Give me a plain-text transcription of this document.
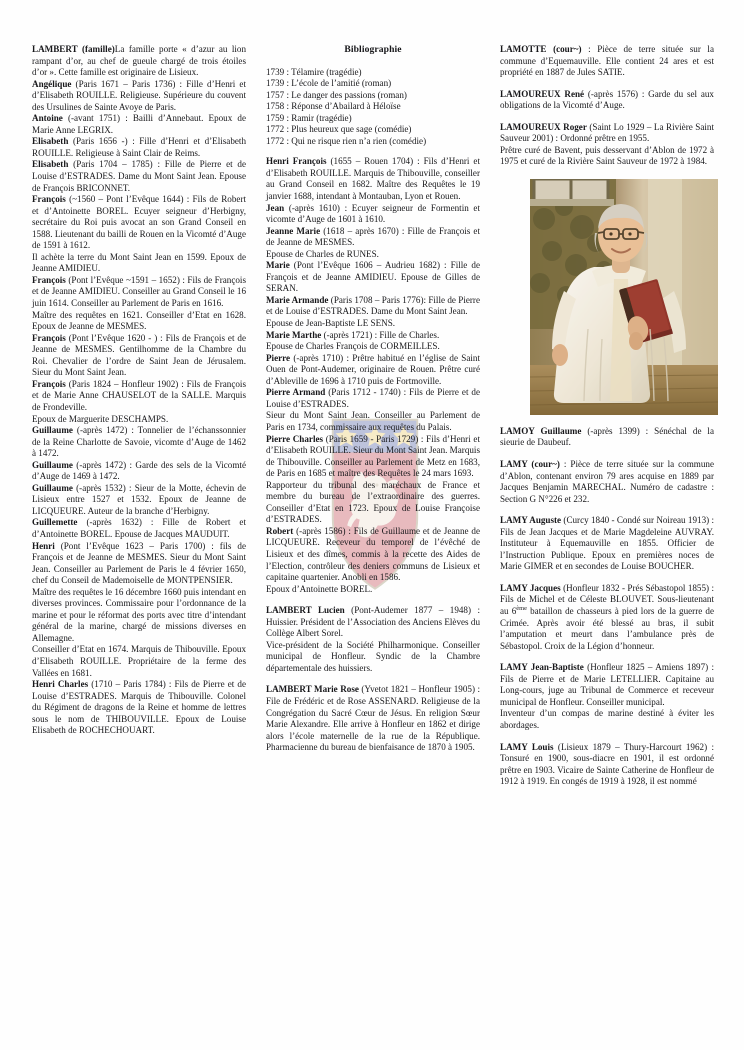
LAMBERT (famille)La famille porte « d’azur au lion rampant d’or, au chef de gueule chargé de trois étoiles d’or ». Cette famille est originaire de Lisieux.

Angélique (Paris 1671 – Paris 1736) : Fille d’Henri et d’Elisabeth ROUILLE. Religieuse. Supérieure du couvent des Ursulines de Sainte Avoye de Paris.

Antoine (-avant 1751) : Bailli d’Annebaut. Epoux de Marie Anne LEGRIX.

Elisabeth (Paris 1656 -) : Fille d’Henri et d’Elisabeth ROUILLE. Religieuse à Saint Clair de Reims.

Elisabeth (Paris 1704 – 1785) : Fille de Pierre et de Louise d’ESTRADES. Dame du Mont Saint Jean. Epouse de François BRICONNET.

François (~1560 – Pont l’Evêque 1644) : Fils de Robert et d’Antoinette BOREL. Ecuyer seigneur d’Herbigny, secrétaire du Roi puis avocat an son Grand Conseil en 1588. Lieutenant du bailli de Rouen en la Vicomté d’Auge de 1591 à 1612.

Il achète la terre du Mont Saint Jean en 1599. Epoux de Jeanne AMIDIEU.

François (Pont l’Evêque ~1591 – 1652) : Fils de François et de Jeanne AMIDIEU. Conseiller au Grand Conseil le 16 juin 1614. Conseiller au Parlement de Paris en 1616.

Maître des requêtes en 1621. Conseiller d’Etat en 1628. Epoux de Jeanne de MESMES.

François (Pont l’Evêque 1620 - ) : Fils de François et de Jeanne de MESMES. Gentilhomme de la Chambre du Roi. Chevalier de l’ordre de Saint Jean de Jérusalem. Sieur du Mont Saint Jean.

François (Paris 1824 – Honfleur 1902) : Fils de François et de Marie Anne CHAUSELOT de la SALLE. Marquis de Frondeville.

Epoux de Marguerite DESCHAMPS.

Guillaume (-après 1472) : Tonnelier de l’échanssonnier de la Reine Charlotte de Savoie, vicomte d’Auge de 1462 à 1472.

Guillaume (-après 1472) : Garde des sels de la Vicomté d’Auge de 1469 à 1472.

Guillaume (-après 1532) : Sieur de la Motte, échevin de Lisieux entre 1527 et 1532. Epoux de Jeanne de LICQUEURE. Auteur de la branche d’Herbigny.

Guillemette (-après 1632) : Fille de Robert et d’Antoinette BOREL. Epouse de Jacques MAUDUIT.

Henri (Pont l’Evêque 1623 – Paris 1700) : fils de François et de Jeanne de MESMES. Sieur du Mont Saint Jean. Conseiller au Parlement de Paris le 4 février 1650, chef du Conseil de Mademoiselle de MONTPENSIER.

Maître des requêtes le 16 décembre 1660 puis intendant en diverses provinces. Commissaire pour l’ordonnance de la marine et pour le réformat des ports avec titre d’intendant général de la marine, chargé de missions diverses en Allemagne.

Conseiller d’Etat en 1674. Marquis de Thibouville. Epoux d’Elisabeth ROUILLE. Propriétaire de la ferme des Vallées en 1681.

Henri Charles (1710 – Paris 1784) : Fils de Pierre et de Louise d’ESTRADES. Marquis de Thibouville. Colonel du Régiment de dragons de la Reine et homme de lettres sous le nom de THIBOUVILLE. Epoux de Louise Elisabeth de ROCHECHOUART.

Bibliographie

1739 : Télamire (tragédie)

1739 : L’école de l’amitié (roman)

1757 : Le danger des passions (roman)

1758 : Réponse d’Abailard à Héloïse

1759 : Ramir (tragédie)

1772 : Plus heureux que sage (comédie)

1772 : Qui ne risque rien n’a rien (comédie)

Henri François (1655 – Rouen 1704) : Fils d’Henri et d’Elisabeth ROUILLE. Marquis de Thibouville, conseiller au Grand Conseil en 1682. Maître des Requêtes le 19 janvier 1688, intendant à Montauban, Lyon et Rouen.

Jean (-après 1610) : Ecuyer seigneur de Formentin et vicomte d’Auge de 1601 à 1610.

Jeanne Marie (1618 – après 1670) : Fille de François et de Jeanne de MESMES.

Epouse de Charles de RUNES.

Marie (Pont l’Evêque 1606 – Audrieu 1682) : Fille de François et de Jeanne AMIDIEU. Epouse de Gilles de SERAN.

Marie Armande (Paris 1708 – Paris 1776): Fille de Pierre et de Louise d’ESTRADES. Dame du Mont Saint Jean.

Epouse de Jean-Baptiste LE SENS.

Marie Marthe (-après 1721) : Fille de Charles.

Epouse de Charles François de CORMEILLES.

Pierre (-après 1710) : Prêtre habitué en l’église de Saint Ouen de Pont-Audemer, originaire de Rouen. Prêtre curé d’Ableville de 1696 à 1710 puis de Fortmoville.

Pierre Armand (Paris 1712 - 1740) : Fils de Pierre et de Louise d’ESTRADES.

Sieur du Mont Saint Jean. Conseiller au Parlement de Paris en 1734, commissaire aux requêtes du Palais.

Pierre Charles (Paris 1659 - Paris 1729) : Fils d’Henri et d’Elisabeth ROUILLE. Sieur du Mont Saint Jean. Marquis de Thibouville. Conseiller au Parlement de Metz en 1683, de Paris en 1685 et maître des Requêtes le 24 mars 1693.

Rapporteur du tribunal des maréchaux de France et membre du bureau de l’extraordinaire des guerres. Conseiller d’Etat en 1723. Epoux de Louise Françoise d’ESTRADES.

Robert (-après 1586) : Fils de Guillaume et de Jeanne de LICQUEURE. Receveur du temporel de l’évêché de Lisieux et des dîmes, commis à la recette des Aides de l’Election, contrôleur des deniers communs de Lisieux et capitaine quartenier. Anobli en 1586.

Epoux d’Antoinette BOREL.

LAMBERT Lucien (Pont-Audemer 1877 – 1948) : Huissier. Président de l’Association des Anciens Elèves du Collège Albert Sorel.

Vice-président de la Société Philharmonique. Conseiller municipal de Honfleur. Syndic de la Chambre départementale des huissiers.

LAMBERT Marie Rose (Yvetot 1821 – Honfleur 1905) : File de Frédéric et de Rose ASSENARD. Religieuse de la Congrégation du Sacré Cœur de Jésus. En religion Sœur Marie Alexandre. Elle arrive à Honfleur en 1862 et dirige alors l’école maternelle de la rue de la République. Pharmacienne du bureau de bienfaisance de 1870 à 1905.

LAMOTTE (cour~) : Pièce de terre située sur la commune d’Equemauville. Elle contient 24 ares et est propriété en 1887 de Jules SATIE.

LAMOUREUX René (-après 1576) : Garde du sel aux obligations de la Vicomté d’Auge.

LAMOUREUX Roger (Saint Lo 1929 – La Rivière Saint Sauveur 2001) : Ordonné prêtre en 1955.

Prêtre curé de Bavent, puis desservant d’Ablon de 1972 à 1975 et curé de la Rivière Saint Sauveur de 1972 à 1984.

LAMOY Guillaume (-après 1399) : Sénéchal de la sieurie de Daubeuf.

LAMY (cour~) : Pièce de terre située sur la commune d’Ablon, contenant environ 79 ares acquise en 1889 par Jacques Benjamin MARECHAL. Numéro de cadastre : Section G N°226 et 232.

LAMY Auguste (Curcy 1840 - Condé sur Noireau 1913) : Fils de Jean Jacques et de Marie Magdeleine AUVRAY. Instituteur à Equemauville en 1855. Officier de l’Instruction Publique. Epoux en premières noces de Marie GIMER et en secondes de Louise BOUCHER.

LAMY Jacques (Honfleur 1832 - Prés Sébastopol 1855) : Fils de Michel et de Céleste BLOUVET. Sous-lieutenant au 6ème bataillon de chasseurs à pied lors de la guerre de Crimée. Après avoir été blessé au bras, il subit l’amputation et meurt dans l’ambulance près de Sébastopol. Croix de la Légion d’honneur.

LAMY Jean-Baptiste (Honfleur 1825 – Amiens 1897) : Fils de Pierre et de Marie LETELLIER. Capitaine au Long-cours, juge au Tribunal de Commerce et receveur municipal de Honfleur. Conseiller municipal.

Inventeur d’un compas de marine destiné à éviter les abordages.

LAMY Louis (Lisieux 1879 – Thury-Harcourt 1962) : Tonsuré en 1900, sous-diacre en 1901, il est ordonné prêtre en 1903. Vicaire de Sainte Catherine de Honfleur de 1912 à 1919. En congés de 1919 à 1928, il est nommé
